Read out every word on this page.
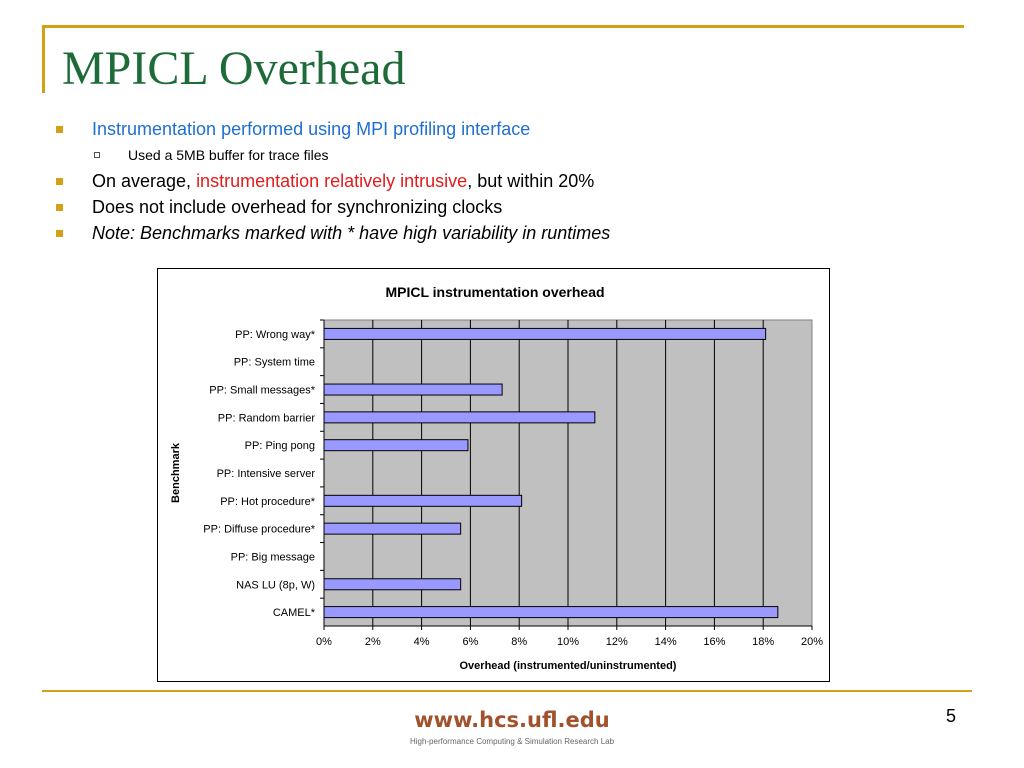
MPICL Overhead
Instrumentation performed using MPI profiling interface
Used a 5MB buffer for trace files
On average, instrumentation relatively intrusive, but within 20%
Does not include overhead for synchronizing clocks
Note: Benchmarks marked with * have high variability in runtimes
MPICL instrumentation overhead
Overhead (instrumented/uninstrumented)
Benchmark
0%	2%	4%	6%	8%	10% 12% 14% 16% 18% 20%
PP: Wrong way*
PP: System time
PP: Small messages*
PP: Random barrier
PP: Ping pong
PP: Intensive server
PP: Hot procedure*
PP: Diffuse procedure*
PP: Big message
NAS LU (8p, W)
CAMEL*
www.hcs.ufl.edu
High-performance Computing & Simulation Research Lab
5
